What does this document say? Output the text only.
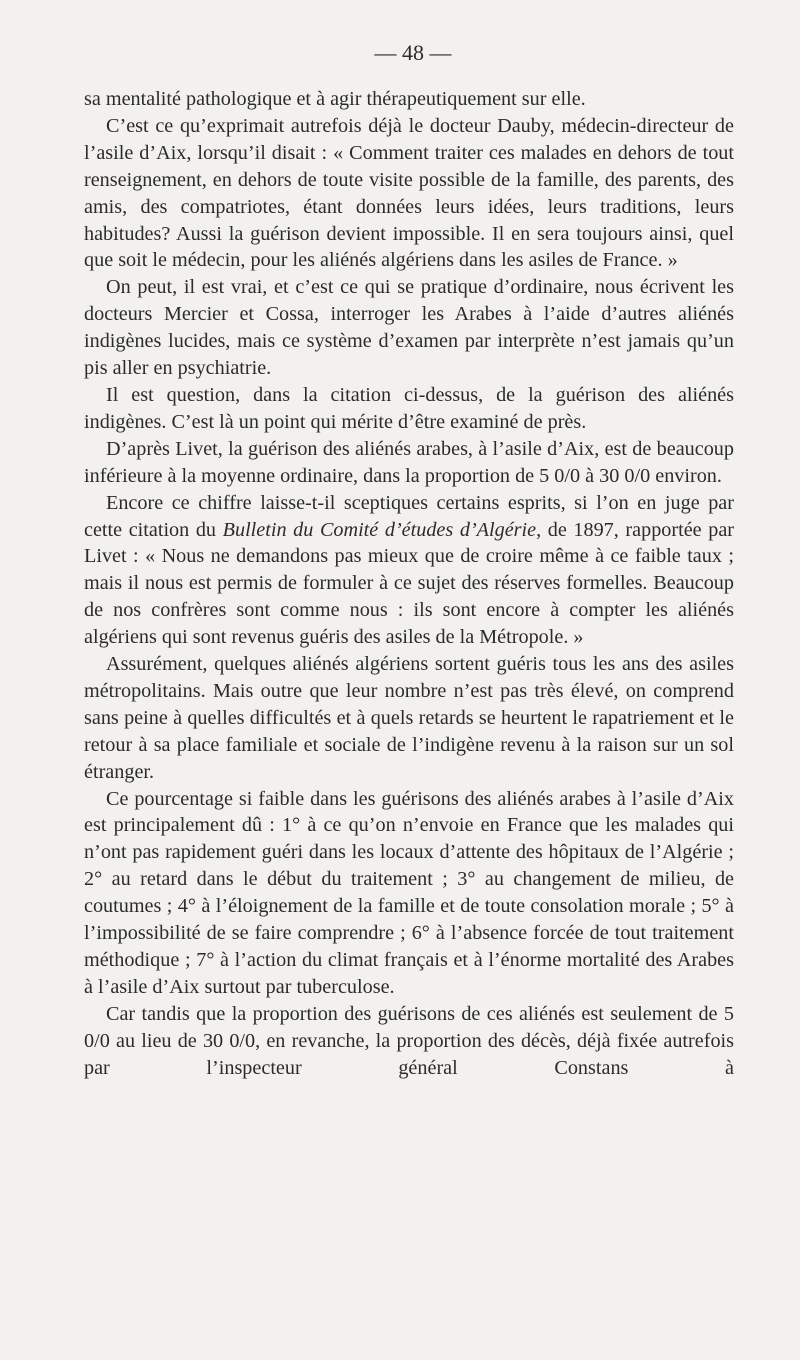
— 48 —

sa mentalité pathologique et à agir thérapeutiquement sur elle.

C’est ce qu’exprimait autrefois déjà le docteur Dauby, médecin-directeur de l’asile d’Aix, lorsqu’il disait : « Comment traiter ces malades en dehors de tout renseignement, en dehors de toute visite possible de la famille, des parents, des amis, des compatriotes, étant données leurs idées, leurs traditions, leurs habitudes? Aussi la guérison devient impossible. Il en sera toujours ainsi, quel que soit le médecin, pour les aliénés algériens dans les asiles de France. »

On peut, il est vrai, et c’est ce qui se pratique d’ordinaire, nous écrivent les docteurs Mercier et Cossa, interroger les Arabes à l’aide d’autres aliénés indigènes lucides, mais ce système d’examen par interprète n’est jamais qu’un pis aller en psychiatrie.

Il est question, dans la citation ci-dessus, de la guérison des aliénés indigènes. C’est là un point qui mérite d’être examiné de près.

D’après Livet, la guérison des aliénés arabes, à l’asile d’Aix, est de beaucoup inférieure à la moyenne ordinaire, dans la proportion de 5 0/0 à 30 0/0 environ.

Encore ce chiffre laisse-t-il sceptiques certains esprits, si l’on en juge par cette citation du Bulletin du Comité d’études d’Algérie, de 1897, rapportée par Livet : « Nous ne demandons pas mieux que de croire même à ce faible taux ; mais il nous est permis de formuler à ce sujet des réserves formelles. Beaucoup de nos confrères sont comme nous : ils sont encore à compter les aliénés algériens qui sont revenus guéris des asiles de la Métropole. »

Assurément, quelques aliénés algériens sortent guéris tous les ans des asiles métropolitains. Mais outre que leur nombre n’est pas très élevé, on comprend sans peine à quelles difficultés et à quels retards se heurtent le rapatriement et le retour à sa place familiale et sociale de l’indigène revenu à la raison sur un sol étranger.

Ce pourcentage si faible dans les guérisons des aliénés arabes à l’asile d’Aix est principalement dû : 1° à ce qu’on n’envoie en France que les malades qui n’ont pas rapidement guéri dans les locaux d’attente des hôpitaux de l’Algérie ; 2° au retard dans le début du traitement ; 3° au changement de milieu, de coutumes ; 4° à l’éloignement de la famille et de toute consolation morale ; 5° à l’impossibilité de se faire comprendre ; 6° à l’absence forcée de tout traitement méthodique ; 7° à l’action du climat français et à l’énorme mortalité des Arabes à l’asile d’Aix surtout par tuberculose.

Car tandis que la proportion des guérisons de ces aliénés est seulement de 5 0/0 au lieu de 30 0/0, en revanche, la proportion des décès, déjà fixée autrefois par l’inspecteur général Constans à
